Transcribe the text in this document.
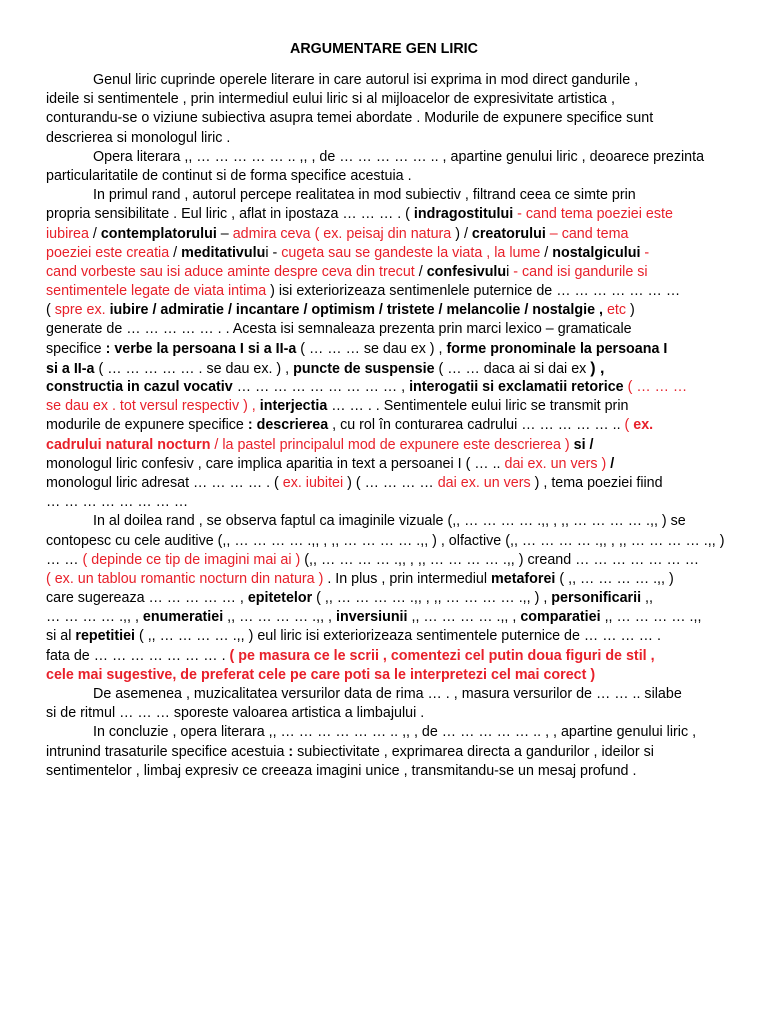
ARGUMENTARE GEN LIRIC
Genul liric cuprinde operele literare in care autorul isi exprima in mod direct gandurile ,
ideile si sentimentele , prin intermediul eului liric si al mijloacelor de expresivitate artistica ,
conturandu-se o viziune subiectiva asupra temei abordate . Modurile de expunere specifice sunt
descrierea si monologul liric .
Opera literara ,, … … … … … .. ,, , de … … … … … .. , apartine genului liric , deoarece prezinta
particularitatile de continut si de forma specifice acestuia .
In primul rand , autorul percepe realitatea in mod subiectiv , filtrand ceea ce simte prin
propria sensibilitate . Eul liric , aflat in ipostaza … … … . ( indragostitului - cand tema poeziei este
iubirea / contemplatorului – admira ceva ( ex. peisaj din natura ) / creatorului – cand tema
poeziei este creatia / meditativului - cugeta sau se gandeste la viata , la lume / nostalgicului -
cand vorbeste sau isi aduce aminte despre ceva din trecut / confesivului - cand isi gandurile si
sentimentele legate de viata intima ) isi exteriorizeaza sentimenlele puternice de … … … … … … …
( spre ex. iubire / admiratie / incantare / optimism / tristete / melancolie / nostalgie , etc )
generate de … … … … … . . Acesta isi semnaleaza prezenta prin marci lexico – gramaticale
specifice : verbe la persoana I si a II-a ( … … … se dau ex ) , forme pronominale la persoana I
si a II-a ( … … … … … . se dau ex. ) , puncte de suspensie ( … … daca ai si dai ex ) ,
constructia in cazul vocativ … … … … … … … … … , interogatii si exclamatii retorice ( … … …
se dau ex . tot versul respectiv ) , interjectia … … . . Sentimentele eului liric se transmit prin
modurile de expunere specifice : descrierea , cu rol în conturarea cadrului … … … … … .. ( ex.
cadrului natural nocturn / la pastel principalul mod de expunere este descrierea ) si /
monologul liric confesiv , care implica aparitia in text a persoanei I ( … .. dai ex. un vers ) /
monologul liric adresat … … … … . ( ex. iubitei ) ( … … … … dai ex. un vers ) , tema poeziei fiind
… … … … … … … …
In al doilea rand , se observa faptul ca imaginile vizuale (,, … … … … .,, , ,, … … … … .,, ) se
contopesc cu cele auditive (,, … … … … .,, , ,, … … … … .,, ) , olfactive (,, … … … … .,, , ,, … … … … .,, )
… … ( depinde ce tip de imagini mai ai ) (,, … … … … .,, , ,, … … … … .,, ) creand … … … … … … …
( ex. un tablou romantic nocturn din natura ) . In plus , prin intermediul metaforei ( ,, … … … … .,, )
care sugereaza … … … … … , epitetelor ( ,, … … … … .,, , ,, … … … … .,, ) , personificarii ,,
… … … … .,, , enumeratiei ,, … … … … .,, , inversiunii ,, … … … … .,, , comparatiei ,, … … … … .,,
si al repetitiei ( ,, … … … … .,, ) eul liric isi exteriorizeaza sentimentele puternice de … … … … .
fata de … … … … … … … . ( pe masura ce le scrii , comentezi cel putin doua figuri de stil ,
cele mai sugestive, de preferat cele pe care poti sa le interpretezi cel mai corect )
De asemenea , muzicalitatea versurilor data de rima … . , masura versurilor de … … .. silabe
si de ritmul … … … sporeste valoarea artistica a limbajului .
In concluzie , opera literara ,, … … … … … … .. ,, , de … … … … … .. , , apartine genului liric ,
intrunind trasaturile specifice acestuia : subiectivitate , exprimarea directa a gandurilor , ideilor si
sentimentelor , limbaj expresiv ce creeaza imagini unice , transmitandu-se un mesaj profund .
